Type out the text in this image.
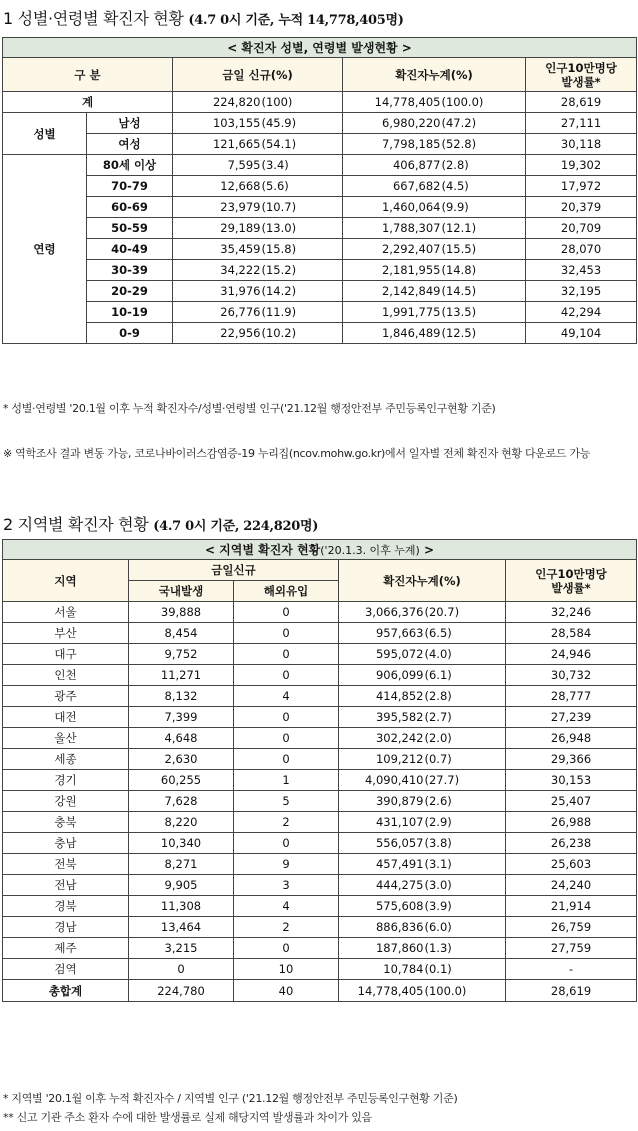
1 성별·연령별 확진자 현황 (4.7 0시 기준, 누적 14,778,405명)
< 확진자 성별, 연령별 발생현황 >						
구 분		금일 신규(%)		확진자누계(%)		인구10만명당
발생률*

계		224,820	(100)	14,778,405	(100.0)	28,619
성별	남성	103,155	(45.9)	6,980,220	(47.2)	27,111
	여성	121,665	(54.1)	7,798,185	(52.8)	30,118
연령	80세 이상	7,595	(3.4)	406,877	(2.8)	19,302
	70-79	12,668	(5.6)	667,682	(4.5)	17,972
	60-69	23,979	(10.7)	1,460,064	(9.9)	20,379
	50-59	29,189	(13.0)	1,788,307	(12.1)	20,709
	40-49	35,459	(15.8)	2,292,407	(15.5)	28,070
	30-39	34,222	(15.2)	2,181,955	(14.8)	32,453
	20-29	31,976	(14.2)	2,142,849	(14.5)	32,195
	10-19	26,776	(11.9)	1,991,775	(13.5)	42,294
	0-9	22,956	(10.2)	1,846,489	(12.5)	49,104
* 성별·연령별 '20.1월 이후 누적 확진자수/성별·연령별 인구('21.12월 행정안전부 주민등록인구현황 기준)
※ 역학조사 결과 변동 가능, 코로나바이러스감염증-19 누리집(ncov.mohw.go.kr)에서 일자별 전체 확진자 현황 다운로드 가능
2 지역별 확진자 현황 (4.7 0시 기준, 224,820명)
< 지역별 확진자 현황('20.1.3. 이후 누계) >					
지역	금일신규		확진자누계(%)		인구10만명당
발생률*

	국내발생	해외유입			
서울	39,888	0	3,066,376	(20.7)	32,246
부산	8,454	0	957,663	(6.5)	28,584
대구	9,752	0	595,072	(4.0)	24,946
인천	11,271	0	906,099	(6.1)	30,732
광주	8,132	4	414,852	(2.8)	28,777
대전	7,399	0	395,582	(2.7)	27,239
울산	4,648	0	302,242	(2.0)	26,948
세종	2,630	0	109,212	(0.7)	29,366
경기	60,255	1	4,090,410	(27.7)	30,153
강원	7,628	5	390,879	(2.6)	25,407
충북	8,220	2	431,107	(2.9)	26,988
충남	10,340	0	556,057	(3.8)	26,238
전북	8,271	9	457,491	(3.1)	25,603
전남	9,905	3	444,275	(3.0)	24,240
경북	11,308	4	575,608	(3.9)	21,914
경남	13,464	2	886,836	(6.0)	26,759
제주	3,215	0	187,860	(1.3)	27,759
검역	0	10	10,784	(0.1)	-
총합계	224,780	40	14,778,405	(100.0)	28,619
* 지역별 '20.1월 이후 누적 확진자수 / 지역별 인구 ('21.12월 행정안전부 주민등록인구현황 기준)
** 신고 기관 주소 환자 수에 대한 발생률로 실제 해당지역 발생률과 차이가 있음
